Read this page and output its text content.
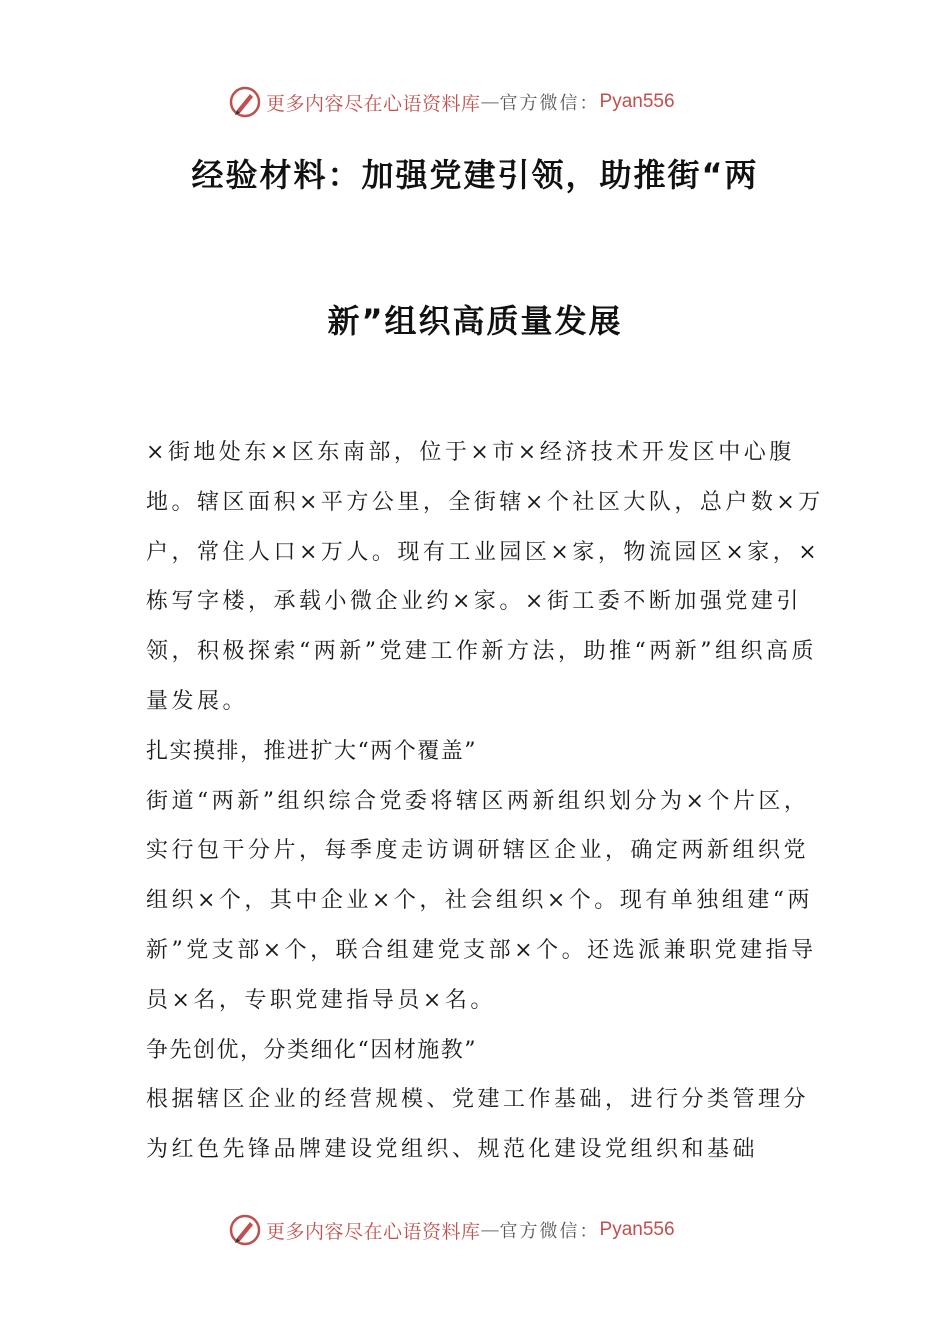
更多内容尽在心语资料库 — 官方微信： Pyan556
经验材料：加强党建引领，助推街“两
新”组织高质量发展

×街地处东×区东南部，位于×市×经济技术开发区中心腹地。辖区面积×平方公里，全街辖×个社区大队，总户数×万户，常住人口×万人。现有工业园区×家，物流园区×家，×栋写字楼，承载小微企业约×家。×街工委不断加强党建引领，积极探索“两新”党建工作新方法，助推“两新”组织高质量发展。

扎实摸排，推进扩大“两个覆盖”

街道“两新”组织综合党委将辖区两新组织划分为×个片区，实行包干分片，每季度走访调研辖区企业，确定两新组织党组织×个，其中企业×个，社会组织×个。现有单独组建“两新”党支部×个，联合组建党支部×个。还选派兼职党建指导员×名，专职党建指导员×名。

争先创优，分类细化“因材施教”

根据辖区企业的经营规模、党建工作基础，进行分类管理分为红色先锋品牌建设党组织、规范化建设党组织和基础

更多内容尽在心语资料库 — 官方微信： Pyan556
